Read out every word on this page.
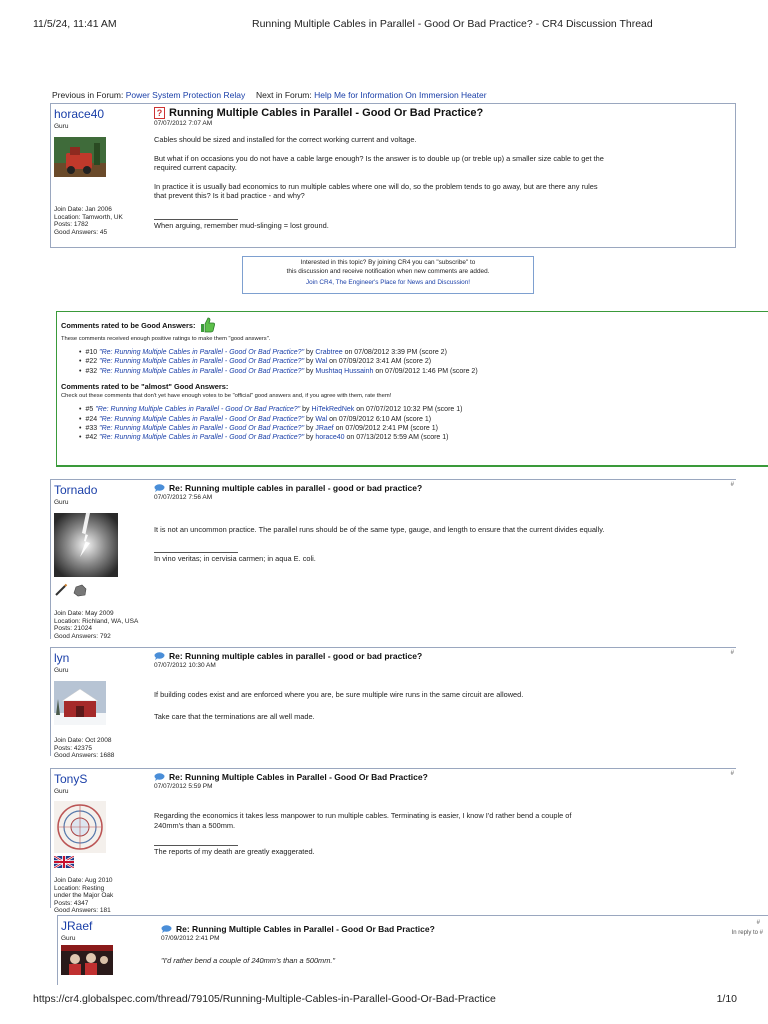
11/5/24, 11:41 AM	Running Multiple Cables in Parallel - Good Or Bad Practice? - CR4 Discussion Thread
Previous in Forum: Power System Protection Relay Next in Forum: Help Me for Information On Immersion Heater
horace40
Guru
Join Date: Jan 2006
Location: Tamworth, UK
Posts: 1782
Good Answers: 45
? Running Multiple Cables in Parallel - Good Or Bad Practice?
07/07/2012 7:07 AM

Cables should be sized and installed for the correct working current and voltage.

But what if on occasions you do not have a cable large enough? Is the answer is to double up (or treble up) a smaller size cable to get the required current capacity.

In practice it is usually bad economics to run multiple cables where one will do, so the problem tends to go away, but are there any rules that prevent this? Is it bad practice - and why?

When arguing, remember mud-slinging = lost ground.
Interested in this topic? By joining CR4 you can "subscribe" to
this discussion and receive notification when new comments are added.
Join CR4, The Engineer's Place for News and Discussion!
Comments rated to be Good Answers:
These comments received enough positive ratings to make them "good answers".
• #10 "Re: Running Multiple Cables in Parallel - Good Or Bad Practice?" by Crabtree on 07/08/2012 3:39 PM (score 2)
• #22 "Re: Running Multiple Cables in Parallel - Good Or Bad Practice?" by Wal on 07/09/2012 3:41 AM (score 2)
• #32 "Re: Running Multiple Cables in Parallel - Good Or Bad Practice?" by Mushtaq Hussainh on 07/09/2012 1:46 PM (score 2)
Comments rated to be "almost" Good Answers:
Check out these comments that don't yet have enough votes to be "official" good answers and, if you agree with them, rate them!
• #5 "Re: Running Multiple Cables in Parallel - Good Or Bad Practice?" by HiTekRedNek on 07/07/2012 10:32 PM (score 1)
• #24 "Re: Running Multiple Cables in Parallel - Good Or Bad Practice?" by Wal on 07/09/2012 6:10 AM (score 1)
• #33 "Re: Running Multiple Cables in Parallel - Good Or Bad Practice?" by JRaef on 07/09/2012 2:41 PM (score 1)
• #42 "Re: Running Multiple Cables in Parallel - Good Or Bad Practice?" by horace40 on 07/13/2012 5:59 AM (score 1)
#
Tornado
Guru
Join Date: May 2009
Location: Richland, WA, USA
Posts: 21024
Good Answers: 792
Re: Running multiple cables in parallel - good or bad practice?
07/07/2012 7:56 AM

It is not an uncommon practice. The parallel runs should be of the same type, gauge, and length to ensure that the current divides equally.

In vino veritas; in cervisia carmen; in aqua E. coli.
#
lyn
Guru
Join Date: Oct 2008
Posts: 42375
Good Answers: 1688
Re: Running multiple cables in parallel - good or bad practice?
07/07/2012 10:30 AM

If building codes exist and are enforced where you are, be sure multiple wire runs in the same circuit are allowed.

Take care that the terminations are all well made.

#
TonyS
Guru
Join Date: Aug 2010
Location: Resting under the Major Oak
Posts: 4347
Good Answers: 181
Re: Running Multiple Cables in Parallel - Good Or Bad Practice?
07/07/2012 5:59 PM

Regarding the economics it takes less manpower to run multiple cables. Terminating is easier, I know I'd rather bend a couple of 240mm's than a 500mm.

The reports of my death are greatly exaggerated.
#
In reply to #
JRaef
Guru
Re: Running Multiple Cables in Parallel - Good Or Bad Practice?
07/09/2012 2:41 PM

"I'd rather bend a couple of 240mm's than a 500mm."

https://cr4.globalspec.com/thread/79105/Running-Multiple-Cables-in-Parallel-Good-Or-Bad-Practice	1/10
